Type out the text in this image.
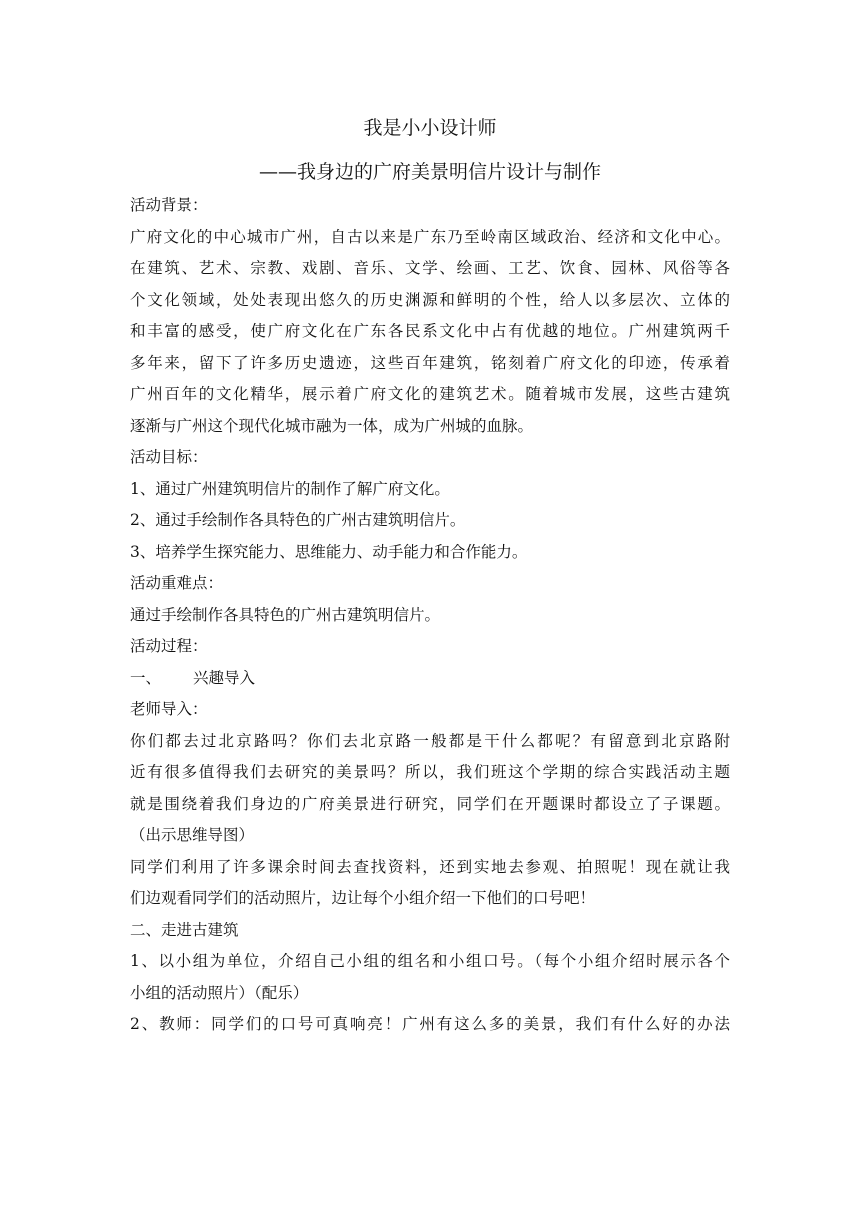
我是小小设计师

——我身边的广府美景明信片设计与制作

活动背景：

广府文化的中心城市广州，自古以来是广东乃至岭南区域政治、经济和文化中心。

在建筑、艺术、宗教、戏剧、音乐、文学、绘画、工艺、饮食、园林、风俗等各

个文化领域，处处表现出悠久的历史渊源和鲜明的个性，给人以多层次、立体的

和丰富的感受，使广府文化在广东各民系文化中占有优越的地位。广州建筑两千

多年来，留下了许多历史遗迹，这些百年建筑，铭刻着广府文化的印迹，传承着

广州百年的文化精华，展示着广府文化的建筑艺术。随着城市发展，这些古建筑

逐渐与广州这个现代化城市融为一体，成为广州城的血脉。

活动目标：

1、通过广州建筑明信片的制作了解广府文化。

2、通过手绘制作各具特色的广州古建筑明信片。

3、培养学生探究能力、思维能力、动手能力和合作能力。

活动重难点：

通过手绘制作各具特色的广州古建筑明信片。

活动过程：

一、 兴趣导入

老师导入：

你们都去过北京路吗？你们去北京路一般都是干什么都呢？有留意到北京路附

近有很多值得我们去研究的美景吗？所以，我们班这个学期的综合实践活动主题

就是围绕着我们身边的广府美景进行研究，同学们在开题课时都设立了子课题。

（出示思维导图）

同学们利用了许多课余时间去查找资料，还到实地去参观、拍照呢！现在就让我

们边观看同学们的活动照片，边让每个小组介绍一下他们的口号吧！

二、走进古建筑

1、以小组为单位，介绍自己小组的组名和小组口号。（每个小组介绍时展示各个

小组的活动照片）（配乐）

2、教师：同学们的口号可真响亮！广州有这么多的美景，我们有什么好的办法
